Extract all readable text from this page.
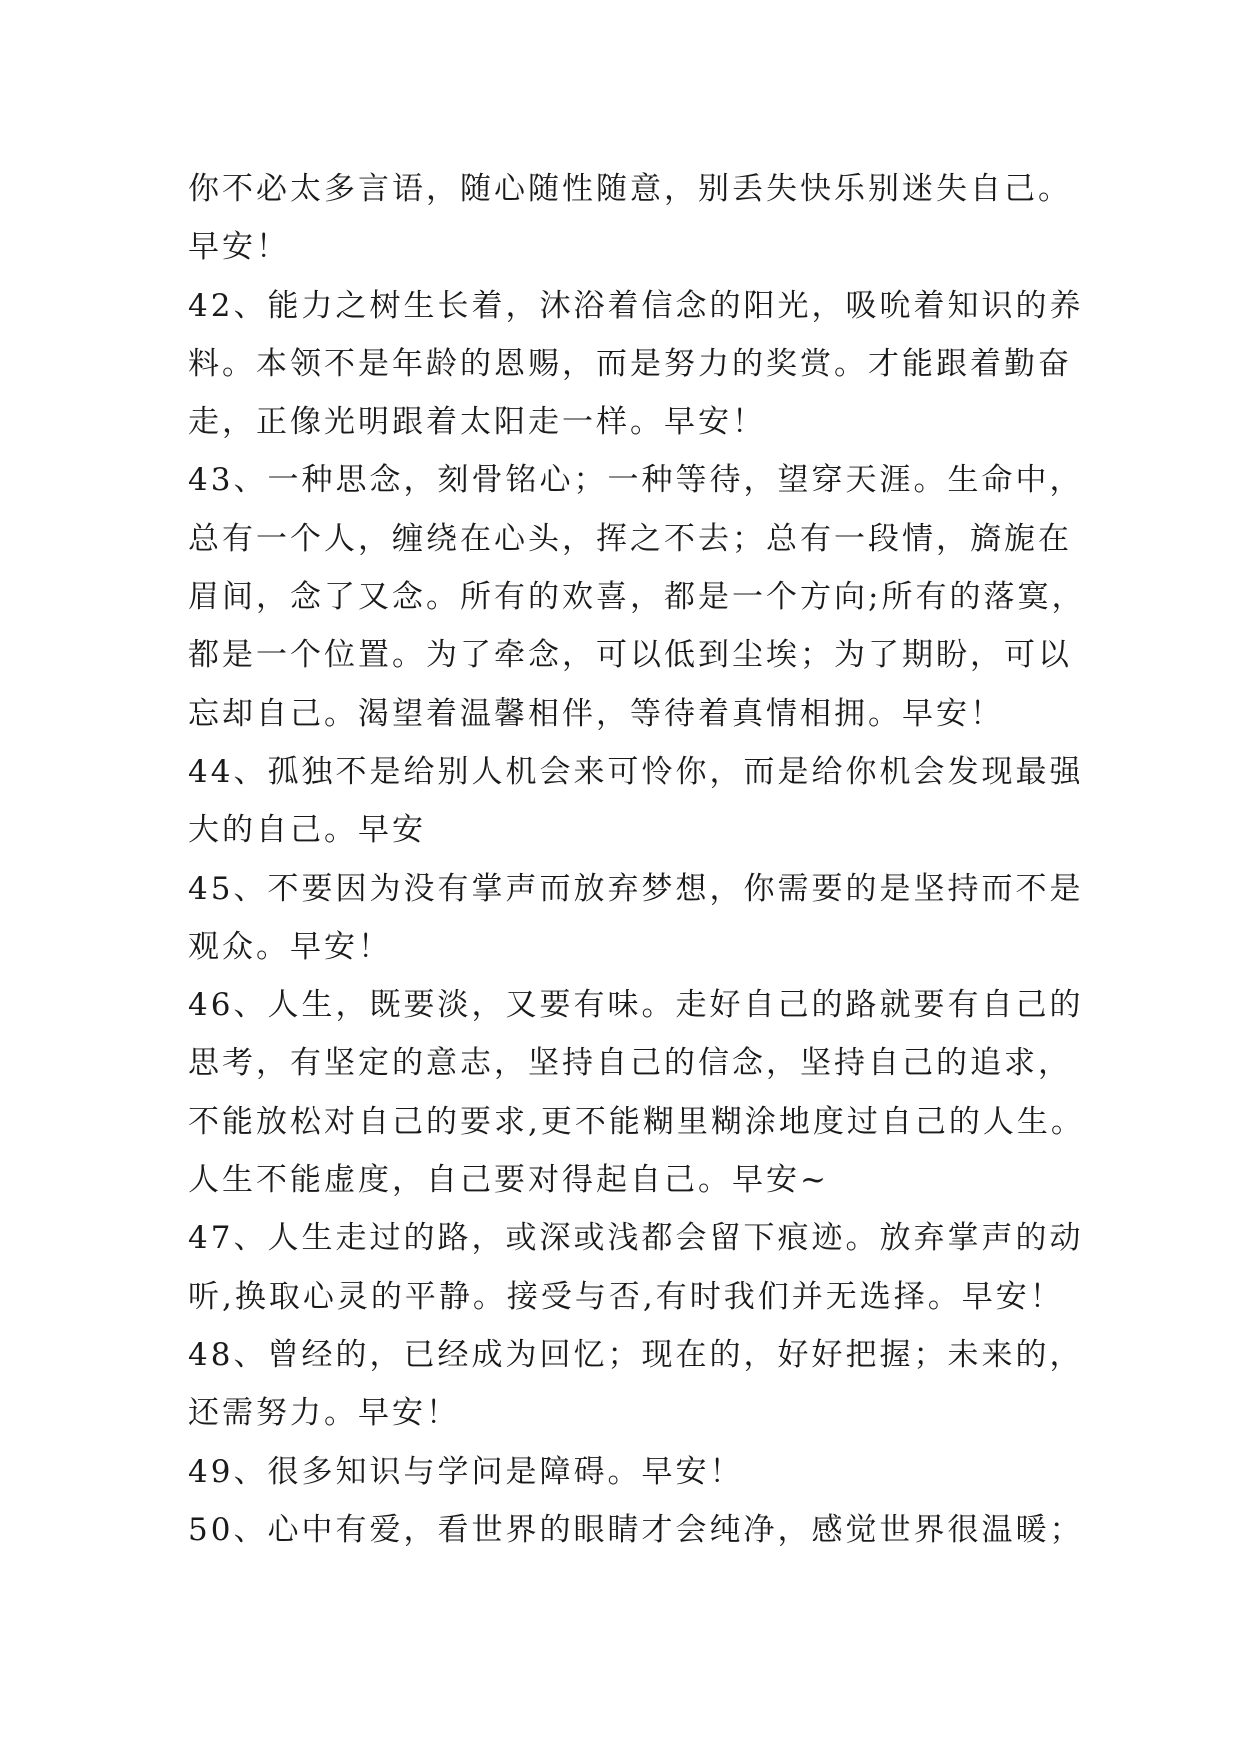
你不必太多言语，随心随性随意，别丢失快乐别迷失自己。
早安！
42、能力之树生长着，沐浴着信念的阳光，吸吮着知识的养
料。本领不是年龄的恩赐，而是努力的奖赏。才能跟着勤奋
走，正像光明跟着太阳走一样。早安！
43、一种思念，刻骨铭心；一种等待，望穿天涯。生命中，
总有一个人，缠绕在心头，挥之不去；总有一段情，旖旎在
眉间，念了又念。所有的欢喜，都是一个方向;所有的落寞，
都是一个位置。为了牵念，可以低到尘埃；为了期盼，可以
忘却自己。渴望着温馨相伴，等待着真情相拥。早安！
44、孤独不是给别人机会来可怜你，而是给你机会发现最强
大的自己。早安
45、不要因为没有掌声而放弃梦想，你需要的是坚持而不是
观众。早安！
46、人生，既要淡，又要有味。走好自己的路就要有自己的
思考，有坚定的意志，坚持自己的信念，坚持自己的追求，
不能放松对自己的要求,更不能糊里糊涂地度过自己的人生。
人生不能虚度，自己要对得起自己。早安~
47、人生走过的路，或深或浅都会留下痕迹。放弃掌声的动
听,换取心灵的平静。接受与否,有时我们并无选择。早安！
48、曾经的，已经成为回忆；现在的，好好把握；未来的，
还需努力。早安！
49、很多知识与学问是障碍。早安！
50、心中有爱，看世界的眼睛才会纯净，感觉世界很温暖；
